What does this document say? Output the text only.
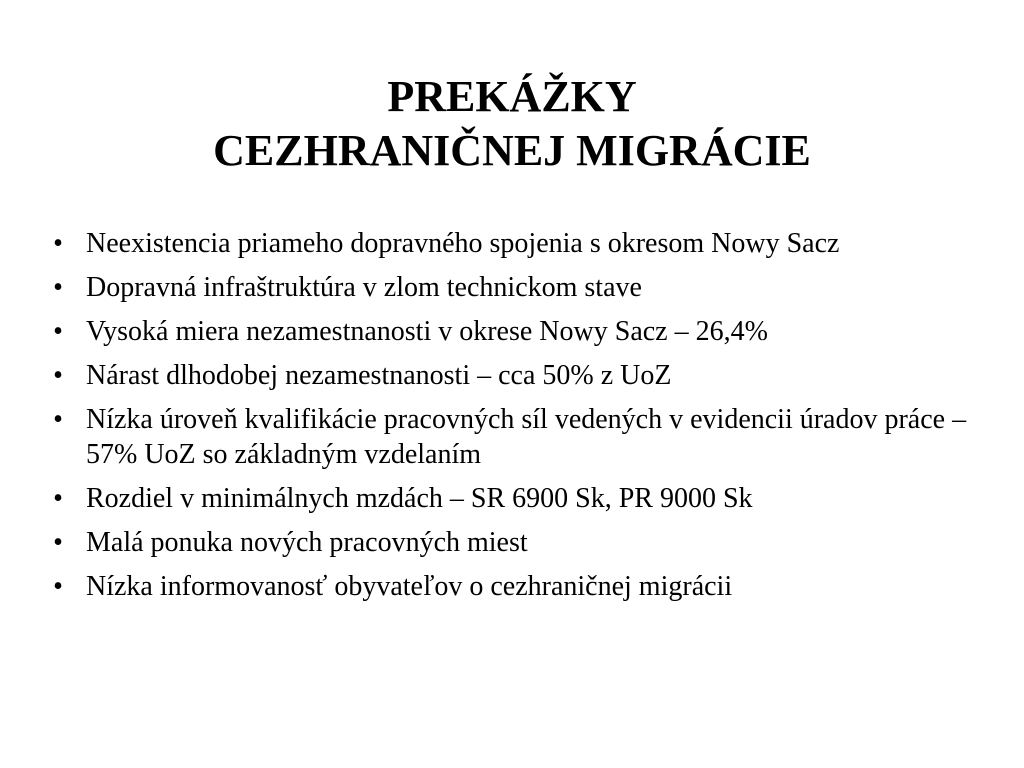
PREKÁŽKY
CEZHRANIČNEJ MIGRÁCIE
• Neexistencia priameho dopravného spojenia s okresom Nowy Sacz
• Dopravná infraštruktúra v zlom technickom stave
• Vysoká miera nezamestnanosti v okrese Nowy Sacz – 26,4%
• Nárast dlhodobej nezamestnanosti – cca 50% z UoZ
• Nízka úroveň kvalifikácie pracovných síl vedených v evidencii úradov práce – 57% UoZ so základným vzdelaním
• Rozdiel v minimálnych mzdách – SR 6900 Sk, PR 9000 Sk
• Malá ponuka nových pracovných miest
• Nízka informovanosť obyvateľov o cezhraničnej migrácii
